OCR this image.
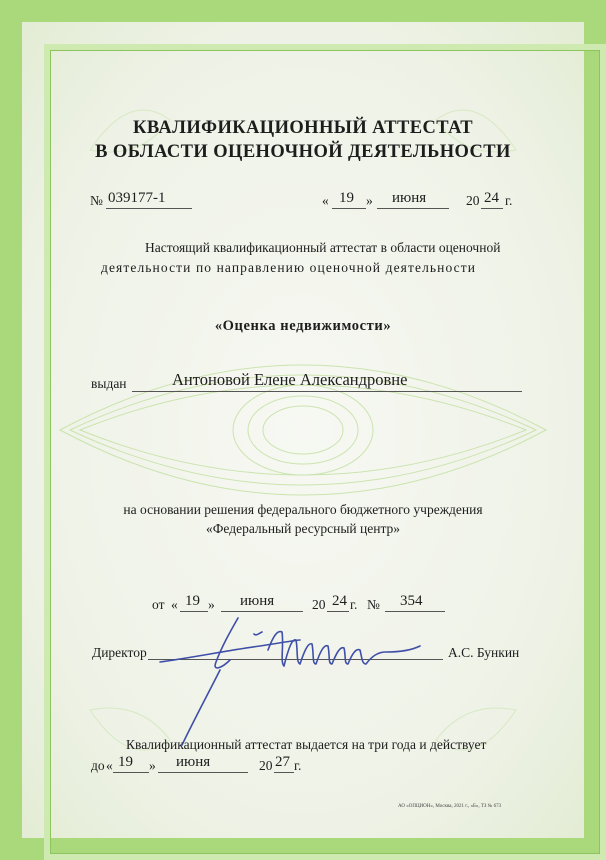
КВАЛИФИКАЦИОННЫЙ АТТЕСТАТ
В ОБЛАСТИ ОЦЕНОЧНОЙ ДЕЯТЕЛЬНОСТИ
№ 039177-1	« 19 » июня	20 24 г.
Настоящий квалификационный аттестат в области оценочной
деятельности по направлению оценочной деятельности
«Оценка недвижимости»
выдан	Антоновой Елене Александровне
на основании решения федерального бюджетного учреждения
«Федеральный ресурсный центр»
от « 19 » июня	20 24 г. № 354
Директор	А.С. Бункин
Квалификационный аттестат выдается на три года и действует
до « 19 » июня	20 27 г.
АО «ОПЦИОН», Москва, 2021 г., «Б», ТЗ № 673
